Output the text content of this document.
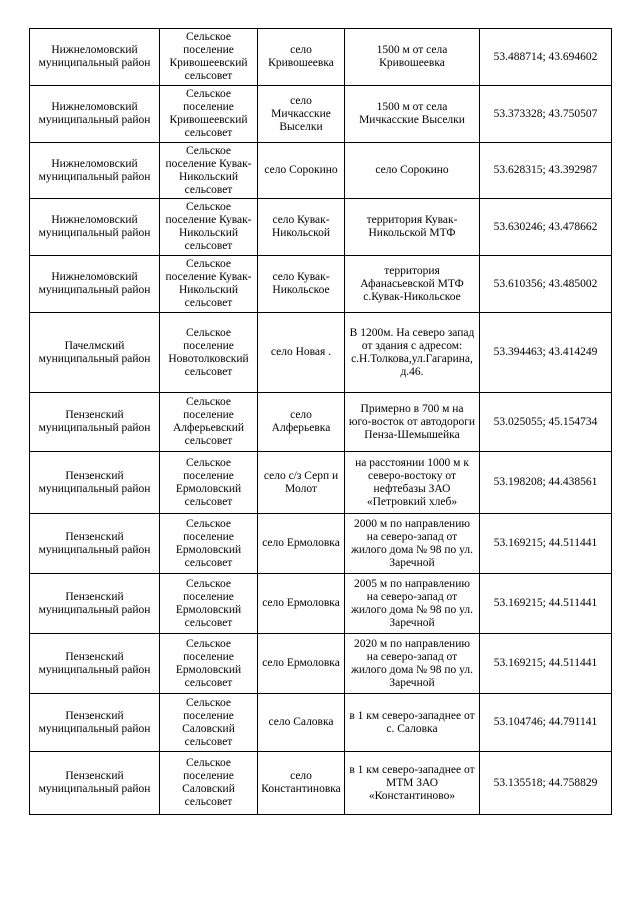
Нижнеломовский муниципальный район	Сельское поселение Кривошеевский сельсовет	село Кривошеевка	1500 м от села Кривошеевка	53.488714; 43.694602
Нижнеломовский муниципальный район	Сельское поселение Кривошеевский сельсовет	село Мичкасские Выселки	1500 м от села Мичкасские Выселки	53.373328; 43.750507
Нижнеломовский муниципальный район	Сельское поселение Кувак-Никольский сельсовет	село Сорокино	село Сорокино	53.628315; 43.392987
Нижнеломовский муниципальный район	Сельское поселение Кувак-Никольский сельсовет	село Кувак-Никольской	территория Кувак-Никольской МТФ	53.630246; 43.478662
Нижнеломовский муниципальный район	Сельское поселение Кувак-Никольский сельсовет	село Кувак-Никольское	территория Афанасьевской МТФ с.Кувак-Никольское	53.610356; 43.485002
Пачелмский муниципальный район	Сельское поселение Новотолковский сельсовет	село Новая .	В 1200м. На северо запад от здания с адресом: с.Н.Толкова,ул.Гагарина, д.46.	53.394463; 43.414249
Пензенский муниципальный район	Сельское поселение Алферьевский сельсовет	село Алферьевка	Примерно в 700 м на юго-восток от автодороги Пенза-Шемышейка	53.025055; 45.154734
Пензенский муниципальный район	Сельское поселение Ермоловский сельсовет	село с/з Серп и Молот	на расстоянии 1000 м к северо-востоку от нефтебазы ЗАО «Петровкий хлеб»	53.198208; 44.438561
Пензенский муниципальный район	Сельское поселение Ермоловский сельсовет	село Ермоловка	2000 м по направлению на северо-запад от жилого дома № 98 по ул. Заречной	53.169215; 44.511441
Пензенский муниципальный район	Сельское поселение Ермоловский сельсовет	село Ермоловка	2005 м по направлению на северо-запад от жилого дома № 98 по ул. Заречной	53.169215; 44.511441
Пензенский муниципальный район	Сельское поселение Ермоловский сельсовет	село Ермоловка	2020 м по направлению на северо-запад от жилого дома № 98 по ул. Заречной	53.169215; 44.511441
Пензенский муниципальный район	Сельское поселение Саловский сельсовет	село Саловка	в 1 км северо-западнее от с. Саловка	53.104746; 44.791141
Пензенский муниципальный район	Сельское поселение Саловский сельсовет	село Константиновка	в 1 км северо-западнее от МТМ ЗАО «Константиново»	53.135518; 44.758829
